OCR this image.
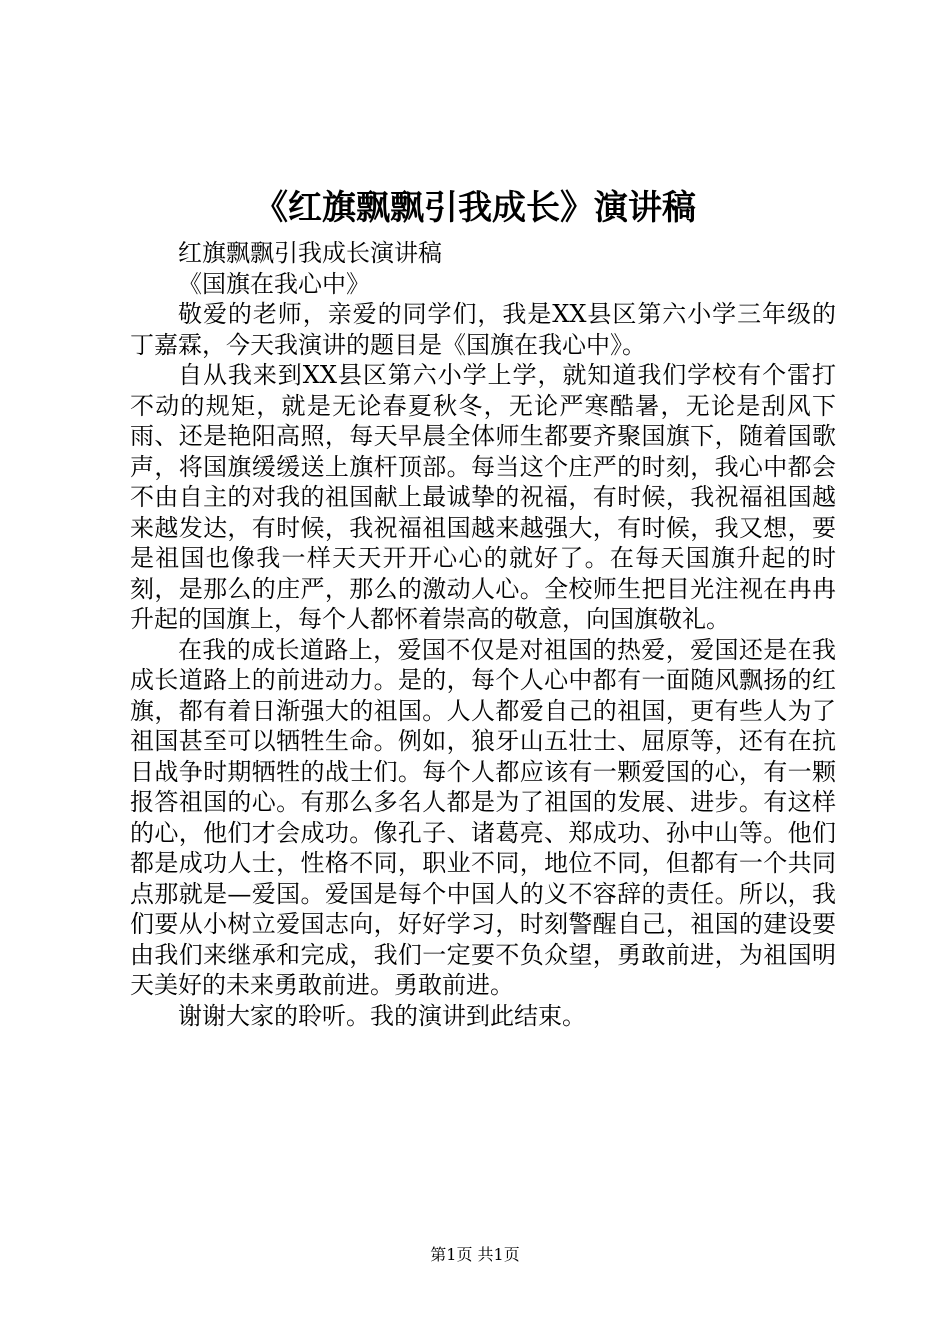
《红旗飘飘引我成长》演讲稿

红旗飘飘引我成长演讲稿

《国旗在我心中》

敬爱的老师，亲爱的同学们，我是XX县区第六小学三年级的丁嘉霖，今天我演讲的题目是《国旗在我心中》。

自从我来到XX县区第六小学上学，就知道我们学校有个雷打不动的规矩，就是无论春夏秋冬，无论严寒酷暑，无论是刮风下雨、还是艳阳高照，每天早晨全体师生都要齐聚国旗下，随着国歌声，将国旗缓缓送上旗杆顶部。每当这个庄严的时刻，我心中都会不由自主的对我的祖国献上最诚挚的祝福，有时候，我祝福祖国越来越发达，有时候，我祝福祖国越来越强大，有时候，我又想，要是祖国也像我一样天天开开心心的就好了。在每天国旗升起的时刻，是那么的庄严，那么的激动人心。全校师生把目光注视在冉冉升起的国旗上，每个人都怀着崇高的敬意，向国旗敬礼。

在我的成长道路上，爱国不仅是对祖国的热爱，爱国还是在我成长道路上的前进动力。是的，每个人心中都有一面随风飘扬的红旗，都有着日渐强大的祖国。人人都爱自己的祖国，更有些人为了祖国甚至可以牺牲生命。例如，狼牙山五壮士、屈原等，还有在抗日战争时期牺牲的战士们。每个人都应该有一颗爱国的心，有一颗报答祖国的心。有那么多名人都是为了祖国的发展、进步。有这样的心，他们才会成功。像孔子、诸葛亮、郑成功、孙中山等。他们都是成功人士，性格不同，职业不同，地位不同，但都有一个共同点那就是—爱国。爱国是每个中国人的义不容辞的责任。所以，我们要从小树立爱国志向，好好学习，时刻警醒自己，祖国的建设要由我们来继承和完成，我们一定要不负众望，勇敢前进，为祖国明天美好的未来勇敢前进。勇敢前进。

谢谢大家的聆听。我的演讲到此结束。

第1页 共1页
